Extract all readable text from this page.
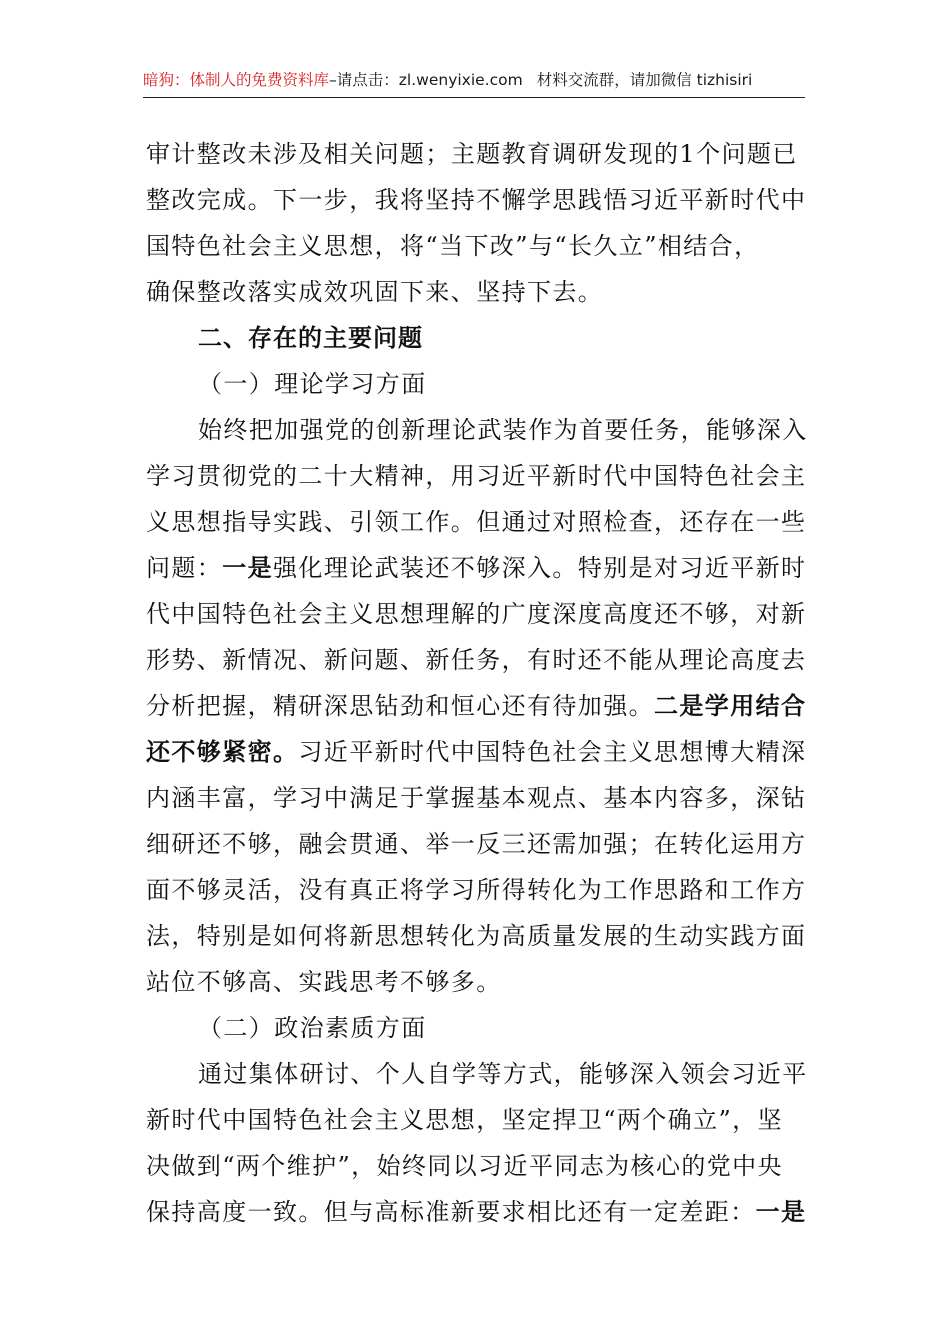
暗狗：体制人的免费资料库–请点击：zl.wenyixie.com 材料交流群，请加微信 tizhisiri
审计整改未涉及相关问题；主题教育调研发现的1个问题已
整改完成。下一步，我将坚持不懈学思践悟习近平新时代中
国特色社会主义思想，将“当下改”与“长久立”相结合，
确保整改落实成效巩固下来、坚持下去。
二、存在的主要问题
（一）理论学习方面
始终把加强党的创新理论武装作为首要任务，能够深入
学习贯彻党的二十大精神，用习近平新时代中国特色社会主
义思想指导实践、引领工作。但通过对照检查，还存在一些
问题：一是强化理论武装还不够深入。特别是对习近平新时
代中国特色社会主义思想理解的广度深度高度还不够，对新
形势、新情况、新问题、新任务，有时还不能从理论高度去
分析把握，精研深思钻劲和恒心还有待加强。二是学用结合
还不够紧密。习近平新时代中国特色社会主义思想博大精深
内涵丰富，学习中满足于掌握基本观点、基本内容多，深钻
细研还不够，融会贯通、举一反三还需加强；在转化运用方
面不够灵活，没有真正将学习所得转化为工作思路和工作方
法，特别是如何将新思想转化为高质量发展的生动实践方面
站位不够高、实践思考不够多。
（二）政治素质方面
通过集体研讨、个人自学等方式，能够深入领会习近平
新时代中国特色社会主义思想，坚定捍卫“两个确立”，坚
决做到“两个维护”，始终同以习近平同志为核心的党中央
保持高度一致。但与高标准新要求相比还有一定差距：一是
